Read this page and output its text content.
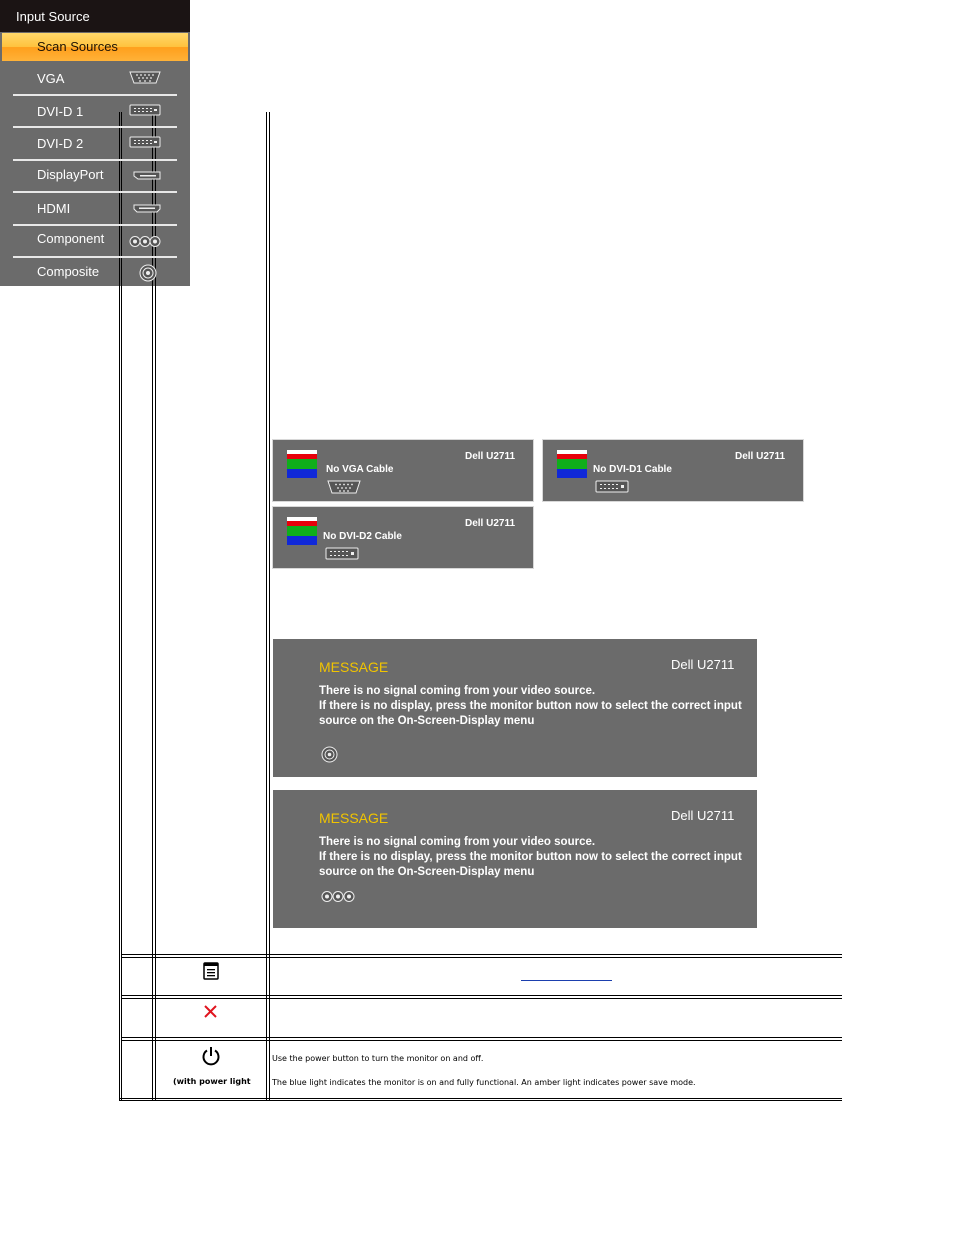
Input Source
Scan Sources
VGA
DVI-D 1
DVI-D 2
DisplayPort
HDMI
Component
Composite
Dell U2711
No VGA Cable
Dell U2711
No DVI-D1 Cable
Dell U2711
No DVI-D2 Cable
MESSAGE	Dell U2711
There is no signal coming from your video source.
If there is no display, press the monitor button now to select the correct input
source on the On-Screen-Display menu
MESSAGE	Dell U2711
There is no signal coming from your video source.
If there is no display, press the monitor button now to select the correct input
source on the On-Screen-Display menu
(with power light
Use the power button to turn the monitor on and off.
The blue light indicates the monitor is on and fully functional. An amber light indicates power save mode.
